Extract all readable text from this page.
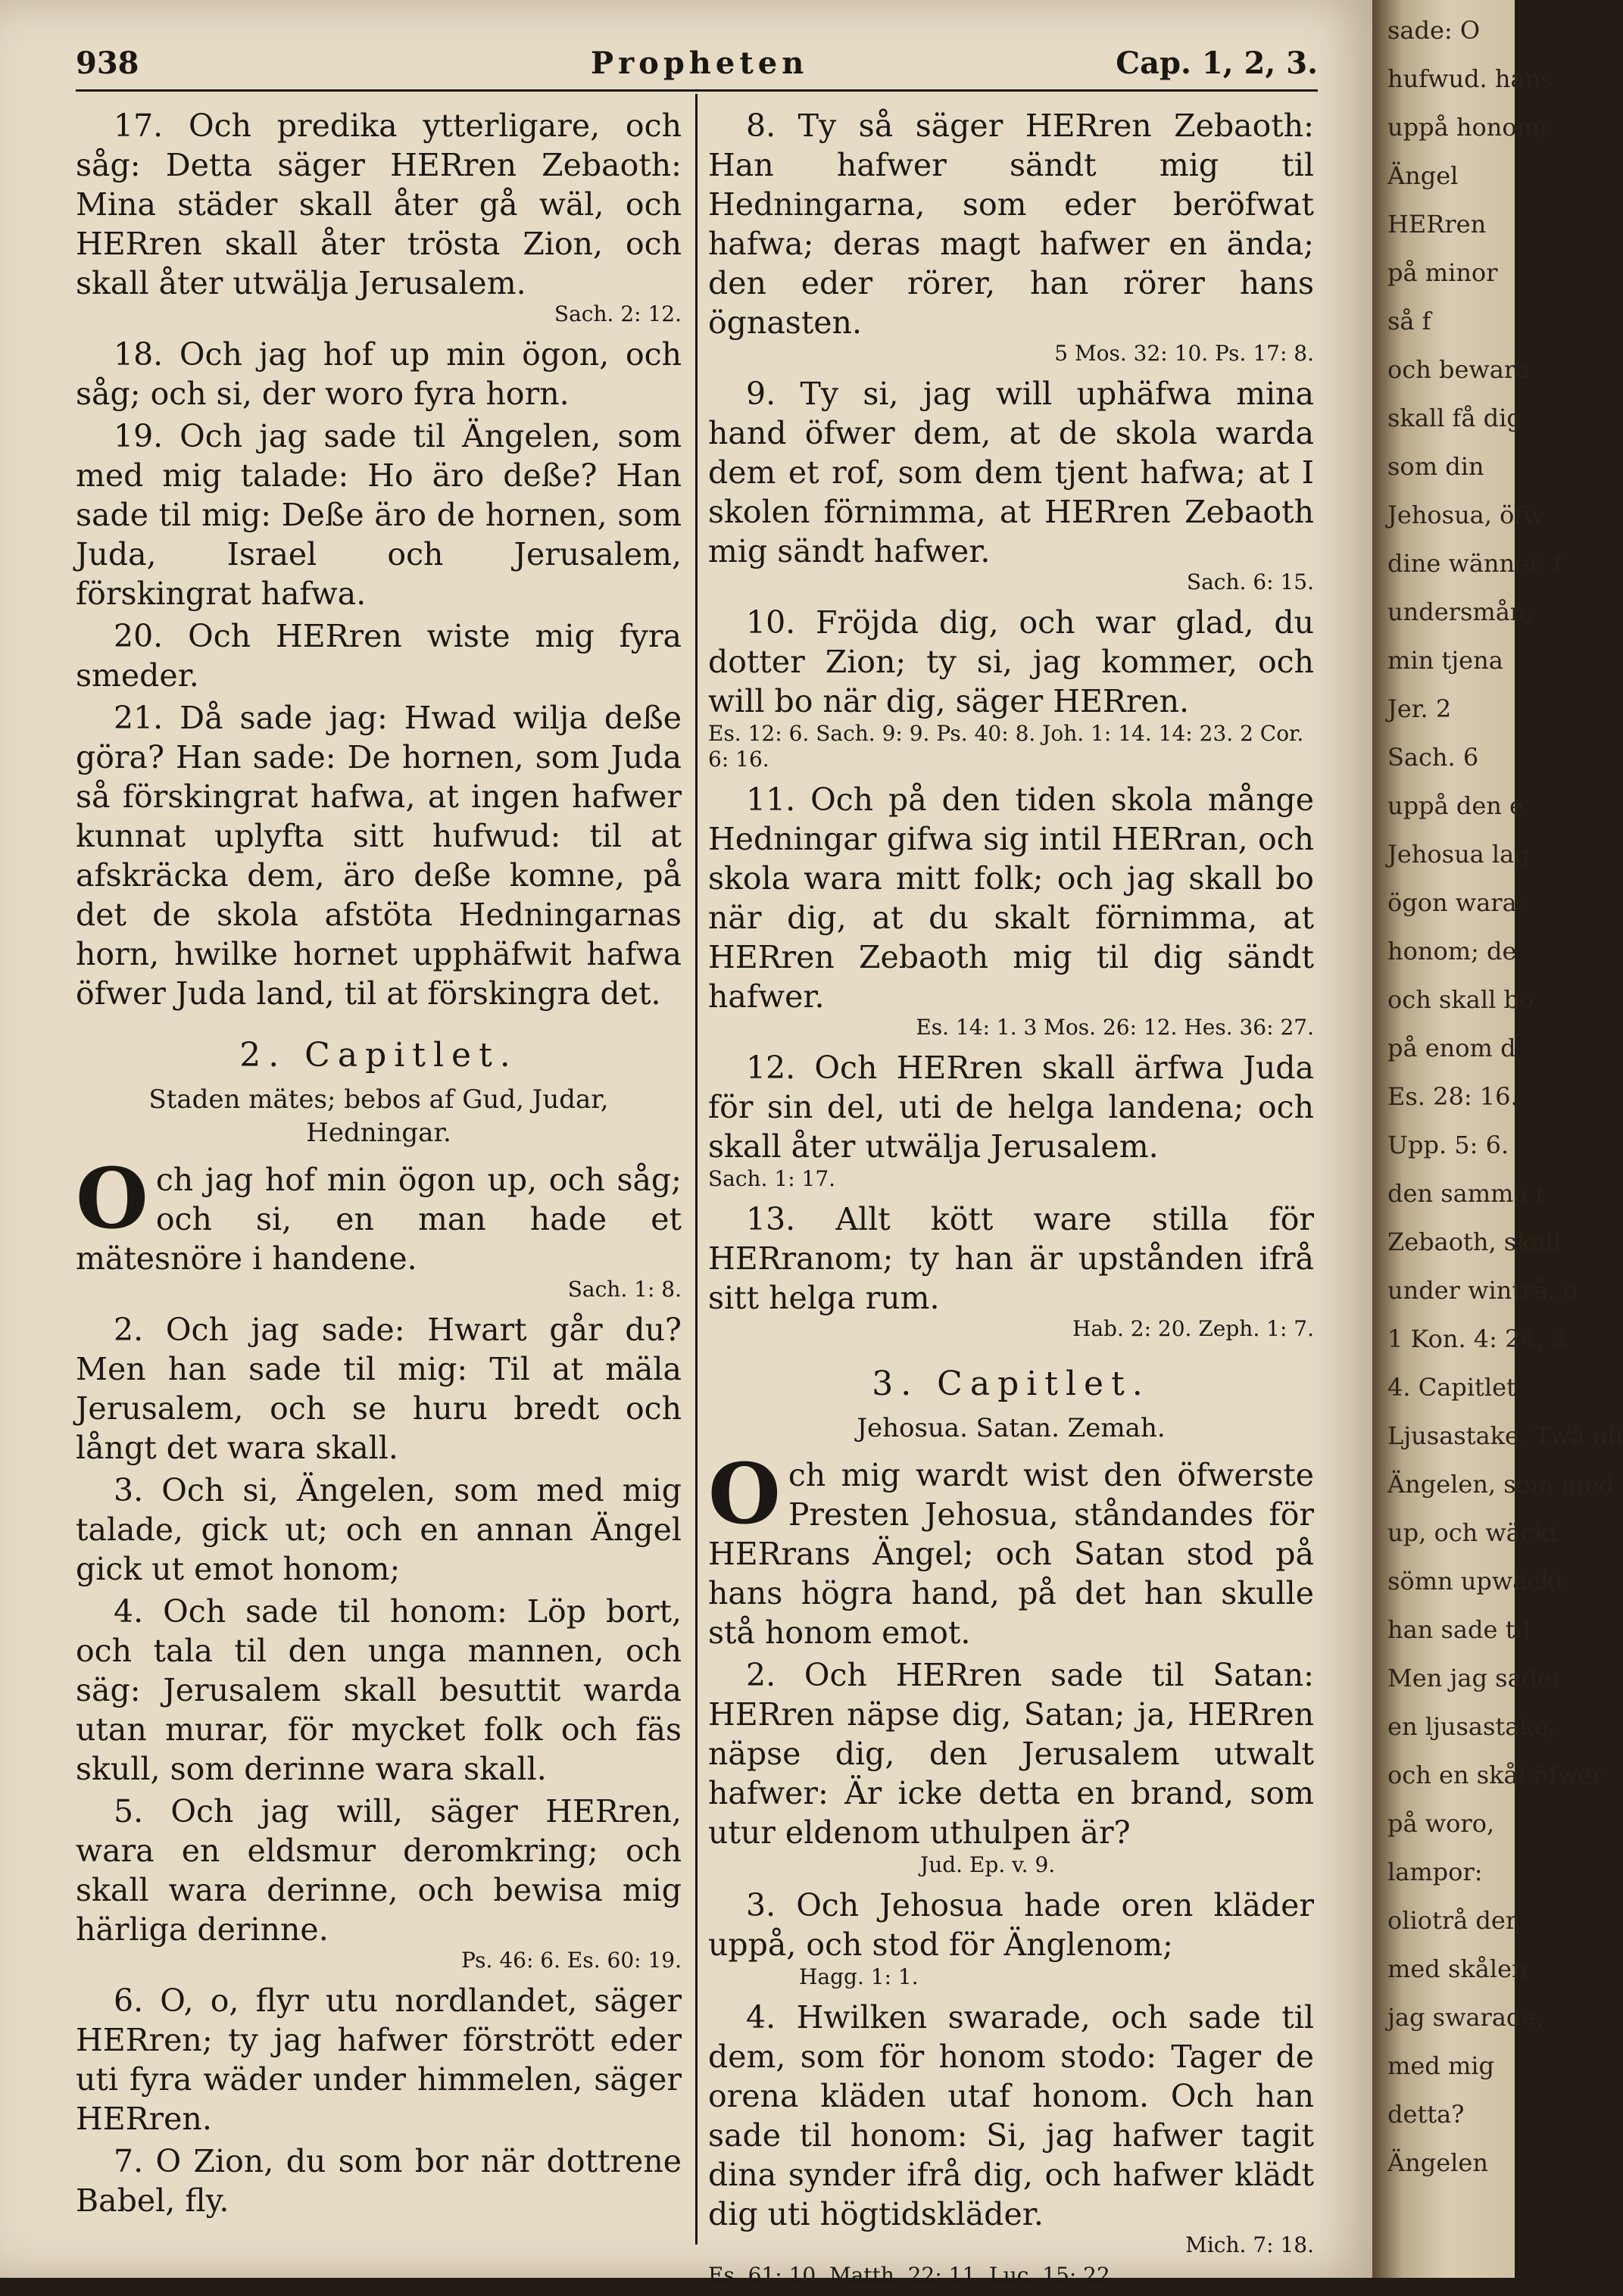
938	Propheten	Cap. 1, 2, 3.

17. Och predika ytterligare, och såg: Detta säger HERren Zebaoth: Mina städer skall åter gå wäl, och HERren skall åter trösta Zion, och skall åter utwälja Jerusalem.

Sach. 2: 12.

18. Och jag hof up min ögon, och såg; och si, der woro fyra horn.

19. Och jag sade til Ängelen, som med mig talade: Ho äro deße? Han sade til mig: Deße äro de hornen, som Juda, Israel och Jerusalem, förskingrat hafwa.

20. Och HERren wiste mig fyra smeder.

21. Då sade jag: Hwad wilja deße göra? Han sade: De hornen, som Juda så förskingrat hafwa, at ingen hafwer kunnat uplyfta sitt hufwud: til at afskräcka dem, äro deße komne, på det de skola afstöta Hedningarnas horn, hwilke hornet upphäfwit hafwa öfwer Juda land, til at förskingra det.

2. Capitlet.
Staden mätes; bebos af Gud, Judar, Hedningar.

Och jag hof min ögon up, och såg; och si, en man hade et mätesnöre i handene.

Sach. 1: 8.

2. Och jag sade: Hwart går du? Men han sade til mig: Til at mäla Jerusalem, och se huru bredt och långt det wara skall.

3. Och si, Ängelen, som med mig talade, gick ut; och en annan Ängel gick ut emot honom;

4. Och sade til honom: Löp bort, och tala til den unga mannen, och säg: Jerusalem skall besuttit warda utan murar, för mycket folk och fäs skull, som derinne wara skall.

5. Och jag will, säger HERren, wara en eldsmur deromkring; och skall wara derinne, och bewisa mig härliga derinne.

Ps. 46: 6. Es. 60: 19.

6. O, o, flyr utu nordlandet, säger HERren; ty jag hafwer förstrött eder uti fyra wäder under himmelen, säger HERren.

7. O Zion, du som bor när dottrene Babel, fly.

8. Ty så säger HERren Zebaoth: Han hafwer sändt mig til Hedningarna, som eder beröfwat hafwa; deras magt hafwer en ända; den eder rörer, han rörer hans ögnasten.

5 Mos. 32: 10. Ps. 17: 8.

9. Ty si, jag will uphäfwa mina hand öfwer dem, at de skola warda dem et rof, som dem tjent hafwa; at I skolen förnimma, at HERren Zebaoth mig sändt hafwer.

Sach. 6: 15.

10. Fröjda dig, och war glad, du dotter Zion; ty si, jag kommer, och will bo när dig, säger HERren.

Es. 12: 6. Sach. 9: 9. Ps. 40: 8. Joh. 1: 14. 14: 23. 2 Cor. 6: 16.

11. Och på den tiden skola månge Hedningar gifwa sig intil HERran, och skola wara mitt folk; och jag skall bo när dig, at du skalt förnimma, at HERren Zebaoth mig til dig sändt hafwer.

Es. 14: 1. 3 Mos. 26: 12. Hes. 36: 27.

12. Och HERren skall ärfwa Juda för sin del, uti de helga landena; och skall åter utwälja Jerusalem.

Sach. 1: 17.

13. Allt kött ware stilla för HERranom; ty han är upstånden ifrå sitt helga rum.

Hab. 2: 20. Zeph. 1: 7.

3. Capitlet.
Jehosua. Satan. Zemah.

Och mig wardt wist den öfwerste Presten Jehosua, ståndandes för HERrans Ängel; och Satan stod på hans högra hand, på det han skulle stå honom emot.

2. Och HERren sade til Satan: HERren näpse dig, Satan; ja, HERren näpse dig, den Jerusalem utwalt hafwer: Är icke detta en brand, som utur eldenom uthulpen är?

Jud. Ep. v. 9.

3. Och Jehosua hade oren kläder uppå, och stod för Änglenom;

Hagg. 1: 1.

4. Hwilken swarade, och sade til dem, som för honom stodo: Tager de orena kläden utaf honom. Och han sade til honom: Si, jag hafwer tagit dina synder ifrå dig, och hafwer klädt dig uti högtidskläder.

Mich. 7: 18.

Es. 61: 10. Matth. 22: 11. Luc. 15: 22.

sade: O
hufwud. hans
uppå honom;
Ängel
HERren
på minor
så f
och bewara
skall få dig
som din
Jehosua, öfw
dine wänner, f
undersmån;
min tjena
Jer. 2
Sach. 6
uppå den e
Jehosua lag
ögon wara;
honom; de
och skall bo
på enom d
Es. 28: 16.
Upp. 5: 6.
den samma t
Zebaoth, skall
under wintrå, o
1 Kon. 4: 24, 2
4. Capitlet
Ljusastake. Twå oli
Ängelen, som med
up, och wäckt
sömn upwäckt
han sade til
Men jag sade:
en ljusastake,
och en skål öfwer
på woro,
lampor:
oliotrå der
med skålen
jag swarade,
med mig
detta?
Ängelen
